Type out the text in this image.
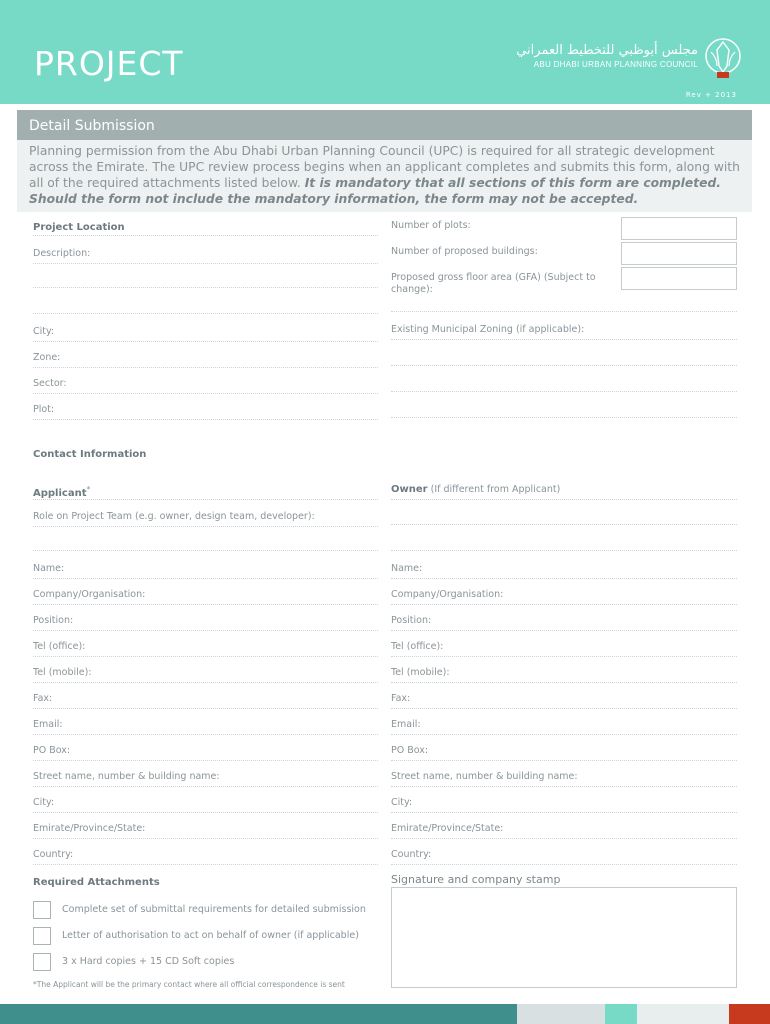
PROJECT	مجلس أبوظبي للتخطيط العمراني
ABU DHABI URBAN PLANNING COUNCIL
Rev + 2013
Detail Submission
Planning permission from the Abu Dhabi Urban Planning Council (UPC) is required for all strategic development across the Emirate. The UPC review process begins when an applicant completes and submits this form, along with all of the required attachments listed below. It is mandatory that all sections of this form are completed. Should the form not include the mandatory information, the form may not be accepted.
Project Location
Description:
City:
Zone:
Sector:
Plot:
Number of plots:
Number of proposed buildings:
Proposed gross floor area (GFA) (Subject to change):
Existing Municipal Zoning (if applicable):
Contact Information
Applicant*	Owner (If different from Applicant)
Role on Project Team (e.g. owner, design team, developer):
Name:
Company/Organisation:
Position:
Tel (office):
Tel (mobile):
Fax:
Email:
PO Box:
Street name, number & building name:
City:
Emirate/Province/State:
Country:
Name:
Company/Organisation:
Position:
Tel (office):
Tel (mobile):
Fax:
Email:
PO Box:
Street name, number & building name:
City:
Emirate/Province/State:
Country:
Required Attachments
Complete set of submittal requirements for detailed submission
Letter of authorisation to act on behalf of owner (if applicable)
3 x Hard copies + 15 CD Soft copies
*The Applicant will be the primary contact where all official correspondence is sent
Signature and company stamp
